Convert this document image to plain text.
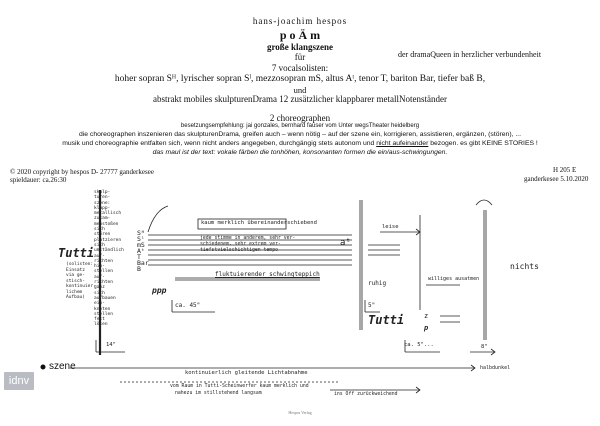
hans-joachim hespos
p o Ä m
große klangszene
für	der dramaQueen in herzlicher verbundenheit
7 vocalsolisten:
hoher sopran Sᴴ, lyrischer sopran Sˡ, mezzosopran mS, altus Aᵗ, tenor T, bariton Bar, tiefer baß B,
und
abstrakt mobiles skulpturenDrama 12 zusätzlicher klappbarer metallNotenständer
2 choreographen
besetzungsempfehlung: jai gonzales, bernhard fauser vom Unter wegsTheater heidelberg
die choreographen inszenieren das skulpturenDrama, greifen auch – wenn nötig – auf der szene ein, korrigieren, assistieren, ergänzen, (stören), ...
musik und choreographie entfalten sich, wenn nicht anders angegeben, durchgängig stets autonom und nicht aufeinander bezogen. es gibt KEINE STORIES !
das maul ist der text: vokale färben die tonhöhen, konsonanten formen die ein/aus-schwingungen.
© 2020 copyright by hespos D- 27777 ganderkesee
spieldauer: ca.26:30
H 205 E
ganderkesee 5.10.2020
skulp-
turen-
szene:
klapp-
metallisch
zusam-
menstoßen
sich
stören
platzieren
sich
umständlich
auf-
richten
hin-
stellen
auf-
richten
ganz
sich
aufbauen
ein-
knoten
stellen
fest
lösen
Tutti
(solisten:
Einsatz
via ge-
stisch-
kontinuier-
lichem
Aufbau)
Sᴴ
Sˡ
mS
Aᵗ
T
Bar
B
kaum merklich übereinanderschiebend
jede stimme in anderem, sehr ver-
schiedenem, sehr extrem ver-
tiefstvielschichtigen tempo
ppp
ca. 45"
fluktuierender schwingteppich
aᵗ
leise
ruhig
5"
Tutti
williges ausatmen
z
p
ca. 5"...
nichts
8"
14"
szene
kontinuierlich gleitende Lichtabnahme
vom Raum in Tutti-Scheinwerfer kaum merklich und
nahezu im stillstehend langsam	ins Off zurückweichend
halbdunkel
Hespos Verlag
idnv
